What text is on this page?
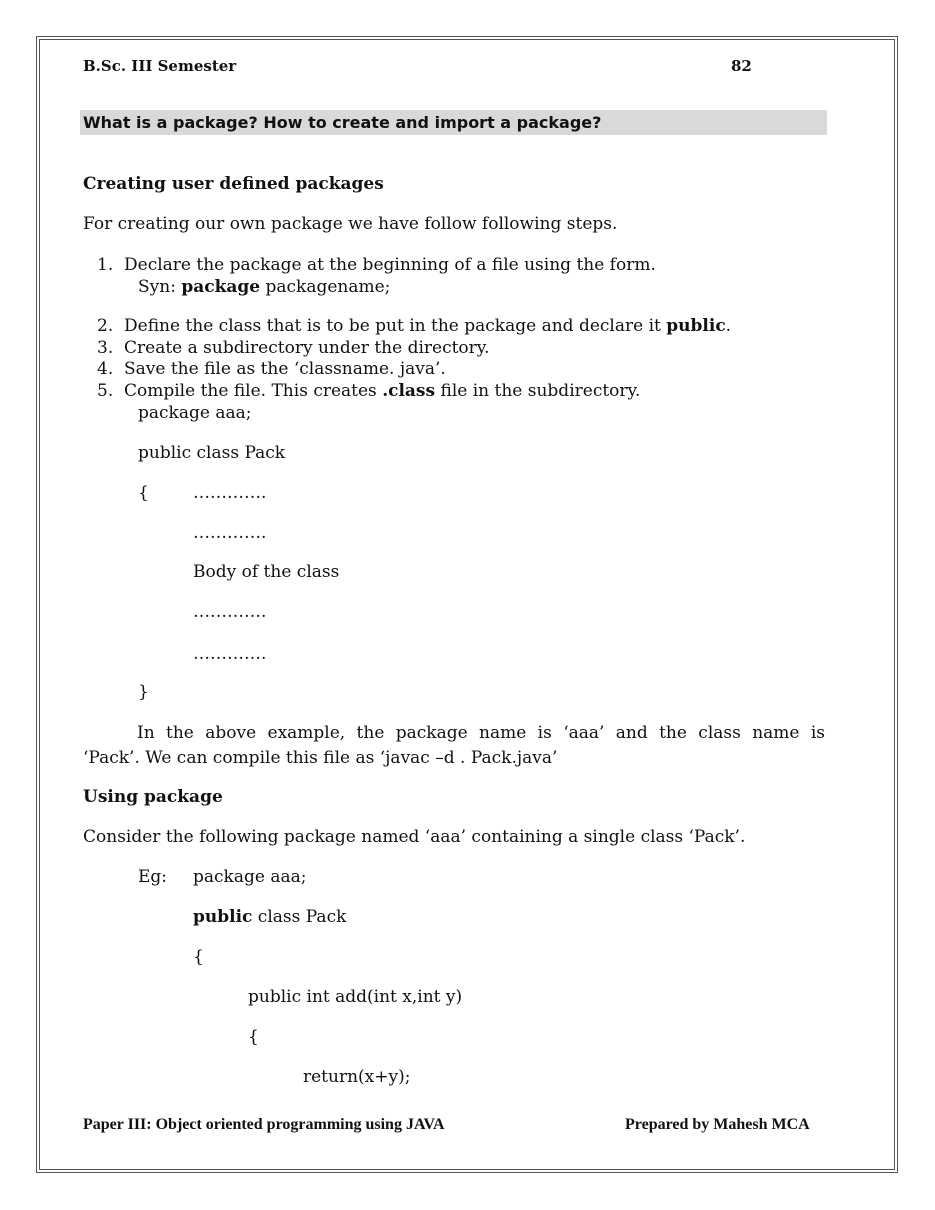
B.Sc. III Semester	82
What is a package? How to create and import a package?
Creating user defined packages
For creating our own package we have follow following steps.
1. Declare the package at the beginning of a file using the form.
Syn: package packagename;
2. Define the class that is to be put in the package and declare it public.
3. Create a subdirectory under the directory.
4. Save the file as the ‘classname. java’.
5. Compile the file. This creates .class file in the subdirectory.
package aaa;
public class Pack
{	………….
………….
Body of the class
………….
………….
}
In the above example, the package name is ‘aaa’ and the class name is
‘Pack’. We can compile this file as ‘javac –d . Pack.java’
Using package
Consider the following package named ‘aaa’ containing a single class ‘Pack’.
Eg: package aaa;
public class Pack
{
public int add(int x,int y)
{
return(x+y);
Paper III: Object oriented programming using JAVA	Prepared by Mahesh MCA
